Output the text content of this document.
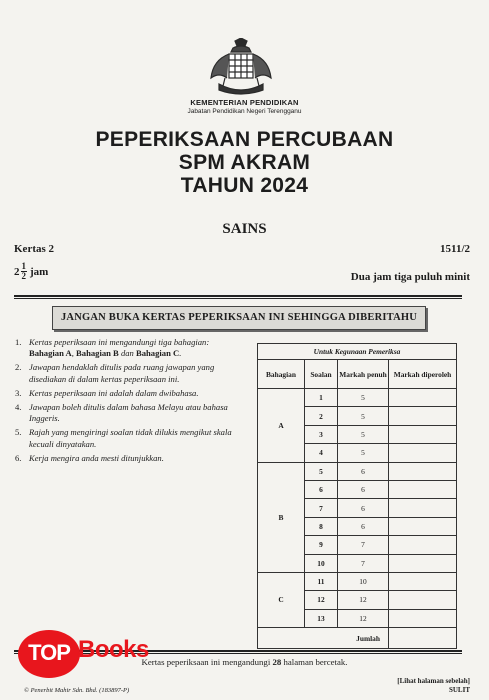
KEMENTERIAN PENDIDIKAN
Jabatan Pendidikan Negeri Terengganu
PEPERIKSAAN PERCUBAAN
SPM AKRAM
TAHUN 2024
SAINS
Kertas 2	1511/2
$2 \frac{1}{2}$ jam	Dua jam tiga puluh minit
JANGAN BUKA KERTAS PEPERIKSAAN INI SEHINGGA DIBERITAHU
1. Kertas peperiksaan ini mengandungi tiga bahagian:
Bahagian A, Bahagian B dan Bahagian C.
2. Jawapan hendaklah ditulis pada ruang jawapan yang disediakan di dalam kertas peperiksaan ini.
3. Kertas peperiksaan ini adalah dalam dwibahasa.
4. Jawapan boleh ditulis dalam bahasa Melayu atau bahasa Inggeris.
5. Rajah yang mengiringi soalan tidak dilukis mengikut skala kecuali dinyatakan.
6. Kerja mengira anda mesti ditunjukkan.
Untuk Kegunaan Pemeriksa			
Bahagian	Soalan	Markah penuh	Markah diperoleh
A	1	5	
	2	5	
	3	5	
	4	5	
B	5	6	
	6	6	
	7	6	
	8	6	
	9	7	
	10	7	
C	11	10	
	12	12	
	13	12	
Jumlah			
Kertas peperiksaan ini mengandungi 28 halaman bercetak.
[Lihat halaman sebelah]
© Penerbit Mahir Sdn. Bhd. (183897-P)	SULIT
TOP Books
